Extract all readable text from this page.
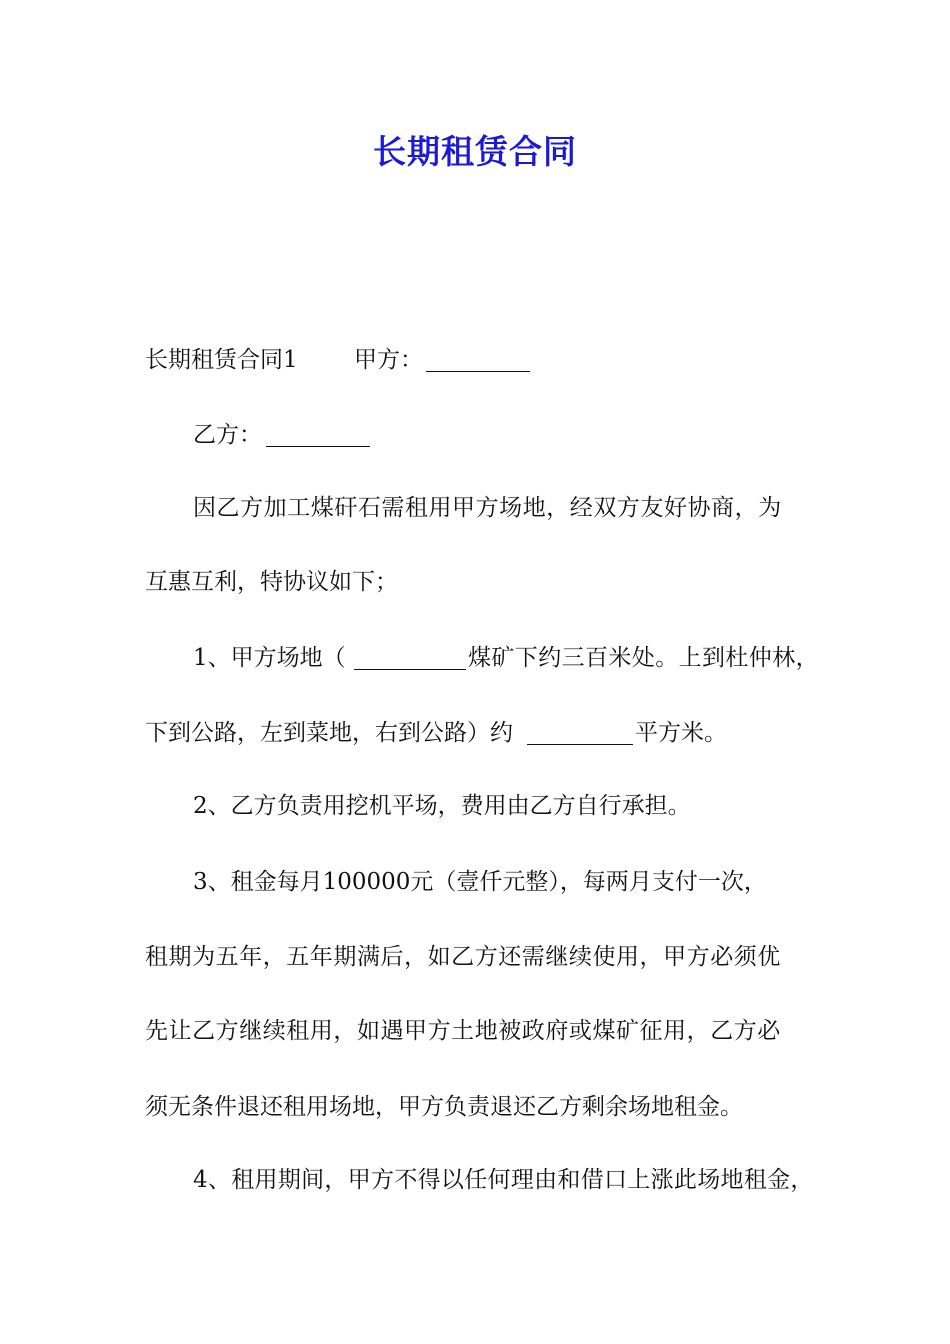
长期租赁合同
长期租赁合同1 甲方：
乙方：
因乙方加工煤矸石需租用甲方场地，经双方友好协商，为
互惠互利，特协议如下；
1、甲方场地（	煤矿下约三百米处。上到杜仲林，
下到公路，左到菜地，右到公路）约	平方米。
2、乙方负责用挖机平场，费用由乙方自行承担。
3、租金每月100000元（壹仟元整），每两月支付一次，
租期为五年，五年期满后，如乙方还需继续使用，甲方必须优
先让乙方继续租用，如遇甲方土地被政府或煤矿征用，乙方必
须无条件退还租用场地，甲方负责退还乙方剩余场地租金。
4、租用期间，甲方不得以任何理由和借口上涨此场地租金，
